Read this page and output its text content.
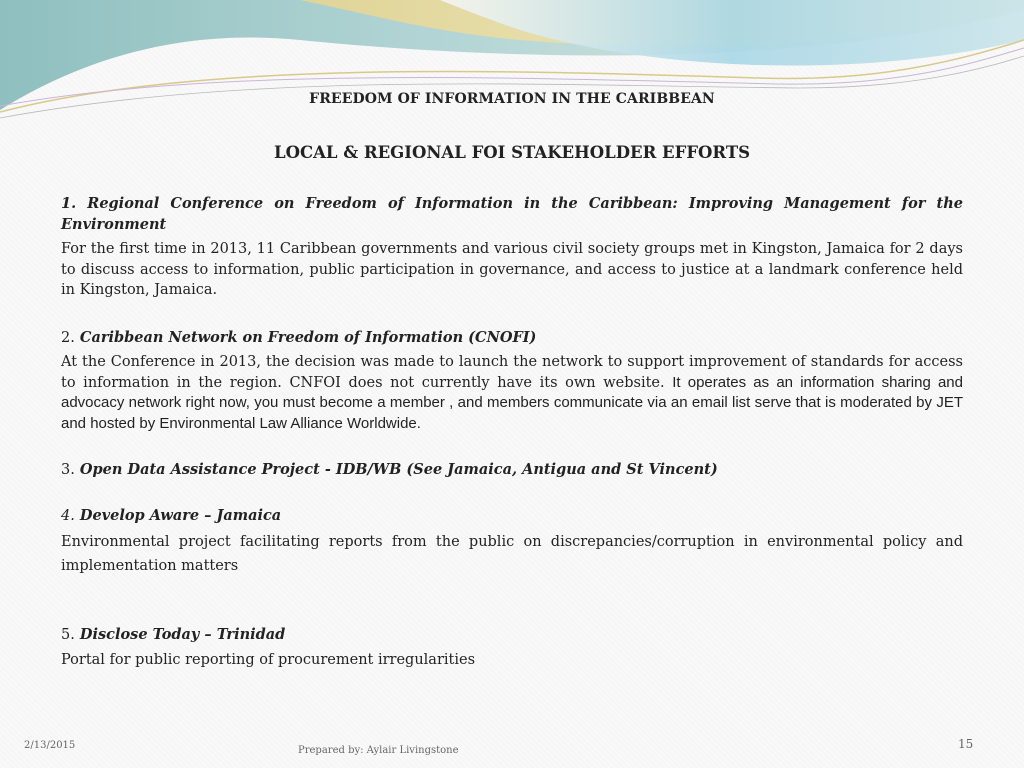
FREEDOM OF INFORMATION IN THE CARIBBEAN
LOCAL & REGIONAL FOI STAKEHOLDER EFFORTS
1. Regional Conference on Freedom of Information in the Caribbean: Improving Management for the Environment
For the first time in 2013, 11 Caribbean governments and various civil society groups met in Kingston, Jamaica for 2 days to discuss access to information, public participation in governance, and access to justice at a landmark conference held in Kingston, Jamaica.
2. Caribbean Network on Freedom of Information (CNOFI)
At the Conference in 2013, the decision was made to launch the network to support improvement of standards for access to information in the region. CNFOI does not currently have its own website. It operates as an information sharing and advocacy network right now, you must become a member , and members communicate via an email list serve that is moderated by JET and hosted by Environmental Law Alliance Worldwide.
3. Open Data Assistance Project - IDB/WB (See Jamaica, Antigua and St Vincent)
4. Develop Aware – Jamaica
Environmental project facilitating reports from the public on discrepancies/corruption in environmental policy and implementation matters
5. Disclose Today – Trinidad
Portal for public reporting of procurement irregularities
2/13/2015	Prepared by: Aylair Livingstone	15
